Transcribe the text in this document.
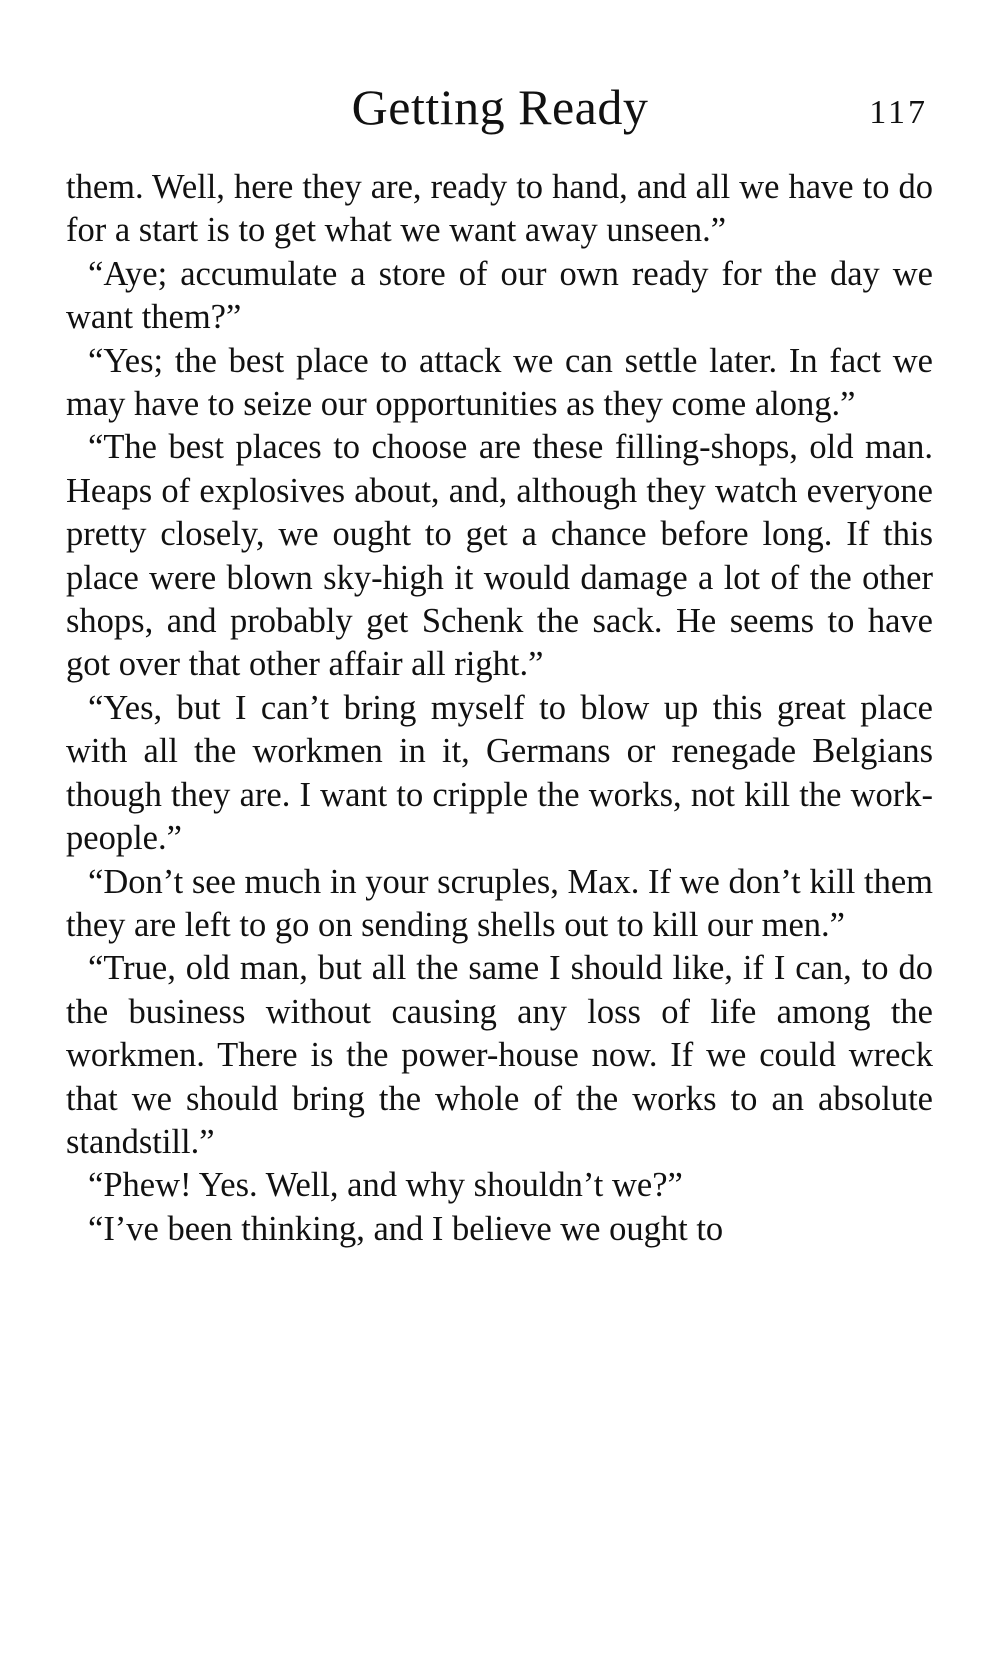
Getting Ready	117

them. Well, here they are, ready to hand, and all we have to do for a start is to get what we want away unseen.”

“Aye; accumulate a store of our own ready for the day we want them?”

“Yes; the best place to attack we can settle later. In fact we may have to seize our opportunities as they come along.”

“The best places to choose are these filling-shops, old man. Heaps of explosives about, and, although they watch everyone pretty closely, we ought to get a chance before long. If this place were blown sky-high it would damage a lot of the other shops, and probably get Schenk the sack. He seems to have got over that other affair all right.”

“Yes, but I can’t bring myself to blow up this great place with all the workmen in it, Germans or renegade Belgians though they are. I want to cripple the works, not kill the work-people.”

“Don’t see much in your scruples, Max. If we don’t kill them they are left to go on sending shells out to kill our men.”

“True, old man, but all the same I should like, if I can, to do the business without causing any loss of life among the workmen. There is the power-house now. If we could wreck that we should bring the whole of the works to an absolute standstill.”

“Phew! Yes. Well, and why shouldn’t we?”

“I’ve been thinking, and I believe we ought to
